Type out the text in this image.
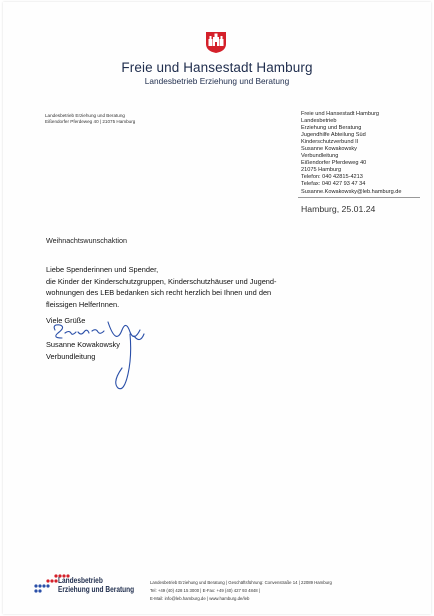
Freie und Hansestadt Hamburg
Landesbetrieb Erziehung und Beratung
Landesbetrieb Erziehung und Beratung
Eißendorfer Pferdeweg 40 | 21075 Hamburg
Freie und Hansestadt Hamburg
Landesbetrieb
Erziehung und Beratung
Jugendhilfe Abteilung Süd
Kinderschutzverbund II
Susanne Kowakowsky
Verbundleitung
Eißendorfer Pferdeweg 40
21075 Hamburg
Telefon: 040 42815-4213
Telefax: 040 427 93 47 34
Susanne.Kowakowsky@leb.hamburg.de
Hamburg, 25.01.24
Weihnachtswunschaktion
Liebe Spenderinnen und Spender,
die Kinder der Kinderschutzgruppen, Kinderschutzhäuser und Jugend-
wohnungen des LEB bedanken sich recht herzlich bei Ihnen und den
fleissigen HelferInnen.
Viele Grüße
Susanne Kowakowsky
Verbundleitung
Landesbetrieb
Erziehung und Beratung
Landesbetrieb Erziehung und Beratung | Geschäftsführung: Convenstraße 14 | 22089 Hamburg
Tel: +49 (40) 428 15 3000 | E-Fax: +49 (40) 427 93 4848 |
E-Mail: info@leb.hamburg.de | www.hamburg.de/leb
